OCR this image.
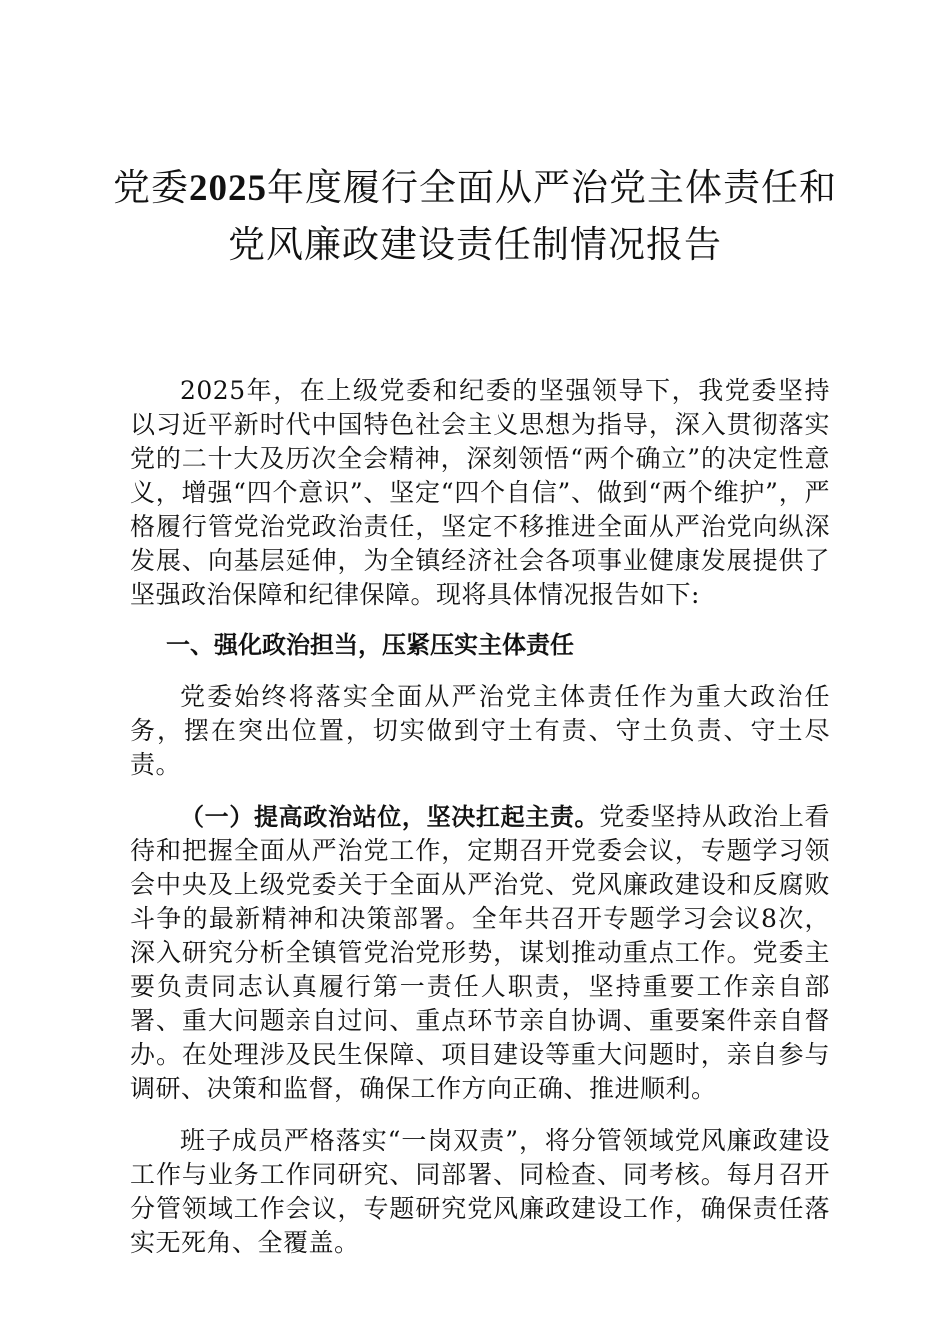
党委2025年度履行全面从严治党主体责任和
党风廉政建设责任制情况报告

2025年，在上级党委和纪委的坚强领导下，我党委坚持以习近平新时代中国特色社会主义思想为指导，深入贯彻落实党的二十大及历次全会精神，深刻领悟“两个确立”的决定性意义，增强“四个意识”、坚定“四个自信”、做到“两个维护”，严格履行管党治党政治责任，坚定不移推进全面从严治党向纵深发展、向基层延伸，为全镇经济社会各项事业健康发展提供了坚强政治保障和纪律保障。现将具体情况报告如下:

一、强化政治担当，压紧压实主体责任

党委始终将落实全面从严治党主体责任作为重大政治任务，摆在突出位置，切实做到守土有责、守土负责、守土尽责。

（一）提高政治站位，坚决扛起主责。党委坚持从政治上看待和把握全面从严治党工作，定期召开党委会议，专题学习领会中央及上级党委关于全面从严治党、党风廉政建设和反腐败斗争的最新精神和决策部署。全年共召开专题学习会议8次，深入研究分析全镇管党治党形势，谋划推动重点工作。党委主要负责同志认真履行第一责任人职责，坚持重要工作亲自部署、重大问题亲自过问、重点环节亲自协调、重要案件亲自督办。在处理涉及民生保障、项目建设等重大问题时，亲自参与调研、决策和监督，确保工作方向正确、推进顺利。

班子成员严格落实“一岗双责”，将分管领域党风廉政建设工作与业务工作同研究、同部署、同检查、同考核。每月召开分管领域工作会议，专题研究党风廉政建设工作，确保责任落实无死角、全覆盖。
